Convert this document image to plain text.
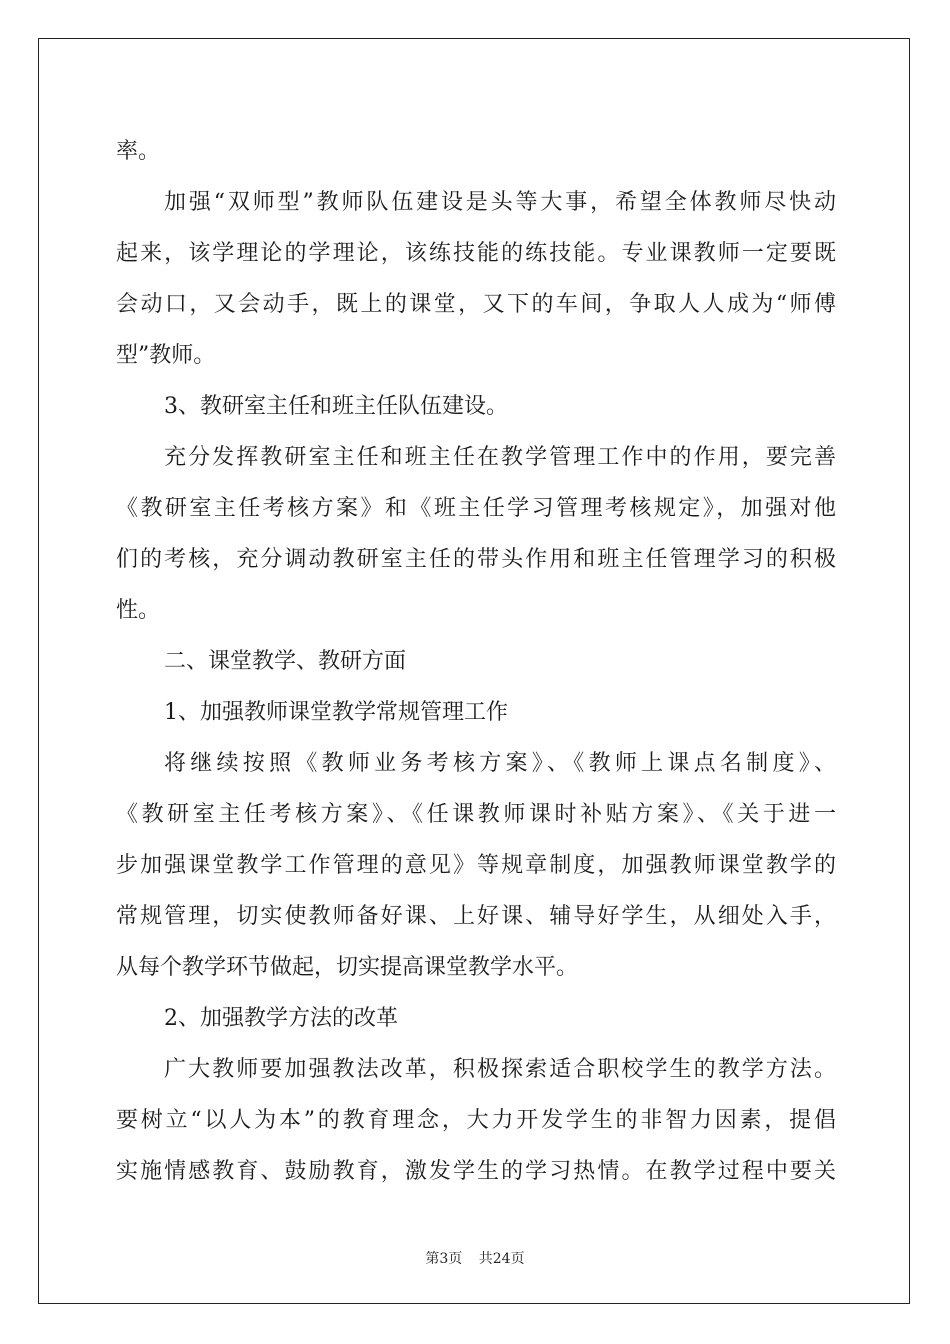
率。
加强“双师型”教师队伍建设是头等大事，希望全体教师尽快动
起来，该学理论的学理论，该练技能的练技能。专业课教师一定要既
会动口，又会动手，既上的课堂，又下的车间，争取人人成为“师傅
型”教师。
3、教研室主任和班主任队伍建设。
充分发挥教研室主任和班主任在教学管理工作中的作用，要完善
《教研室主任考核方案》和《班主任学习管理考核规定》，加强对他
们的考核，充分调动教研室主任的带头作用和班主任管理学习的积极
性。
二、课堂教学、教研方面
1、加强教师课堂教学常规管理工作
将继续按照《教师业务考核方案》、《教师上课点名制度》、
《教研室主任考核方案》、《任课教师课时补贴方案》、《关于进一
步加强课堂教学工作管理的意见》等规章制度，加强教师课堂教学的
常规管理，切实使教师备好课、上好课、辅导好学生，从细处入手，
从每个教学环节做起，切实提高课堂教学水平。
2、加强教学方法的改革
广大教师要加强教法改革，积极探索适合职校学生的教学方法。
要树立“以人为本”的教育理念，大力开发学生的非智力因素，提倡
实施情感教育、鼓励教育，激发学生的学习热情。在教学过程中要关
第3页 共24页
